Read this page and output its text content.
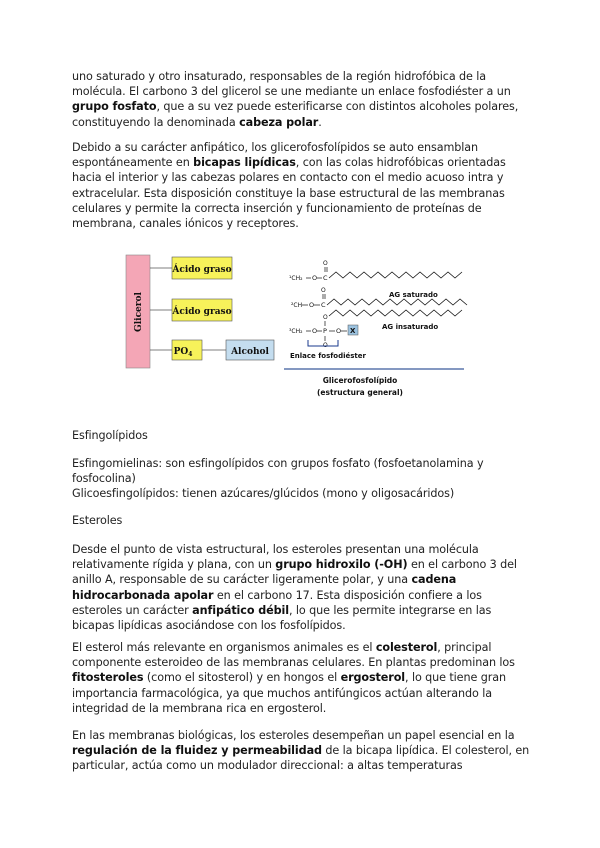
uno saturado y otro insaturado, responsables de la región hidrofóbica de la molécula. El carbono 3 del glicerol se une mediante un enlace fosfodiéster a un grupo fosfato, que a su vez puede esterificarse con distintos alcoholes polares, constituyendo la denominada cabeza polar.
Debido a su carácter anfipático, los glicerofosfolípidos se auto ensamblan espontáneamente en bicapas lipídicas, con las colas hidrofóbicas orientadas hacia el interior y las cabezas polares en contacto con el medio acuoso intra y extracelular. Esta disposición constituye la base estructural de las membranas celulares y permite la correcta inserción y funcionamiento de proteínas de membrana, canales iónicos y receptores.
Glicerol
Ácido graso
Ácido graso
$PO_4$	Alcohol
¹CH₂ O C
O
²CH O C
O
AG saturado
³CH₂ O P
O
O
O X	AG insaturado
Enlace fosfodiéster
Glicerofosfolípido
(estructura general)
Esfingolípidos
Esfingomielinas: son esfingolípidos con grupos fosfato (fosfoetanolamina y fosfocolina)
Glicoesfingolípidos: tienen azúcares/glúcidos (mono y oligosacáridos)
Esteroles
Desde el punto de vista estructural, los esteroles presentan una molécula relativamente rígida y plana, con un grupo hidroxilo (-OH) en el carbono 3 del anillo A, responsable de su carácter ligeramente polar, y una cadena hidrocarbonada apolar en el carbono 17. Esta disposición confiere a los esteroles un carácter anfipático débil, lo que les permite integrarse en las bicapas lipídicas asociándose con los fosfolípidos.
El esterol más relevante en organismos animales es el colesterol, principal componente esteroideo de las membranas celulares. En plantas predominan los fitosteroles (como el sitosterol) y en hongos el ergosterol, lo que tiene gran importancia farmacológica, ya que muchos antifúngicos actúan alterando la integridad de la membrana rica en ergosterol.
En las membranas biológicas, los esteroles desempeñan un papel esencial en la regulación de la fluidez y permeabilidad de la bicapa lipídica. El colesterol, en particular, actúa como un modulador direccional: a altas temperaturas
